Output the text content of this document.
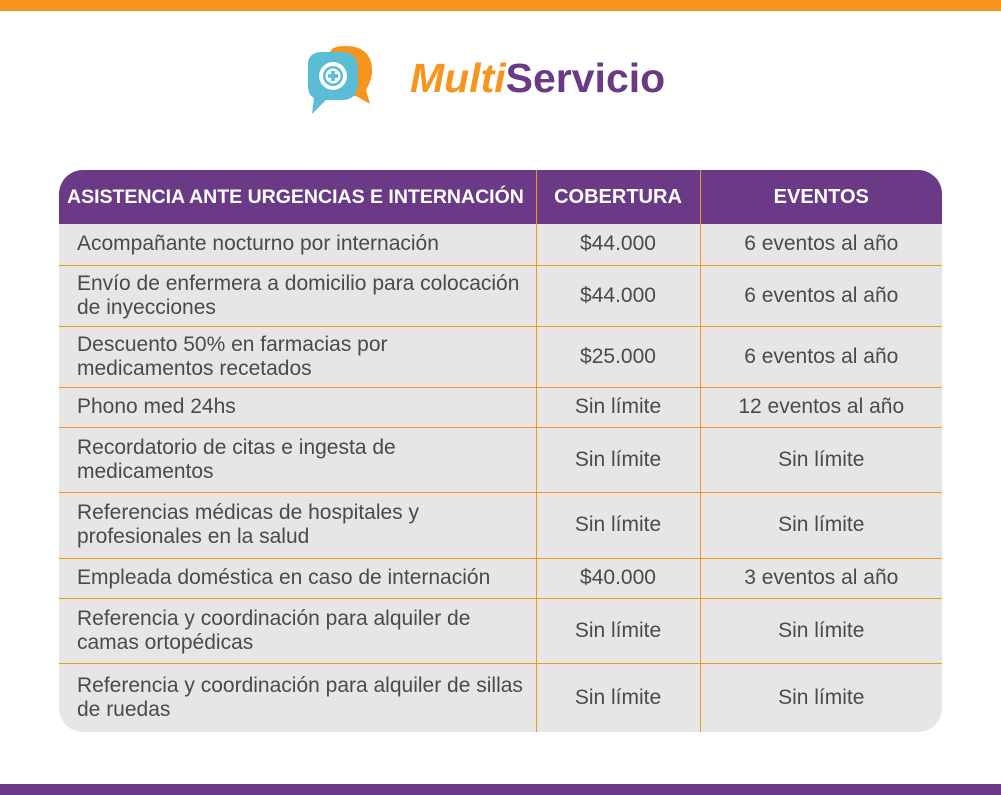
MultiServicio
ASISTENCIA ANTE URGENCIAS E INTERNACIÓN	COBERTURA	EVENTOS
Acompañante nocturno por internación	$44.000	6 eventos al año
Envío de enfermera a domicilio para colocación de inyecciones	$44.000	6 eventos al año
Descuento 50% en farmacias por medicamentos recetados	$25.000	6 eventos al año
Phono med 24hs	Sin límite	12 eventos al año
Recordatorio de citas e ingesta de medicamentos	Sin límite	Sin límite
Referencias médicas de hospitales y profesionales en la salud	Sin límite	Sin límite
Empleada doméstica en caso de internación	$40.000	3 eventos al año
Referencia y coordinación para alquiler de camas ortopédicas	Sin límite	Sin límite
Referencia y coordinación para alquiler de sillas de ruedas	Sin límite	Sin límite
